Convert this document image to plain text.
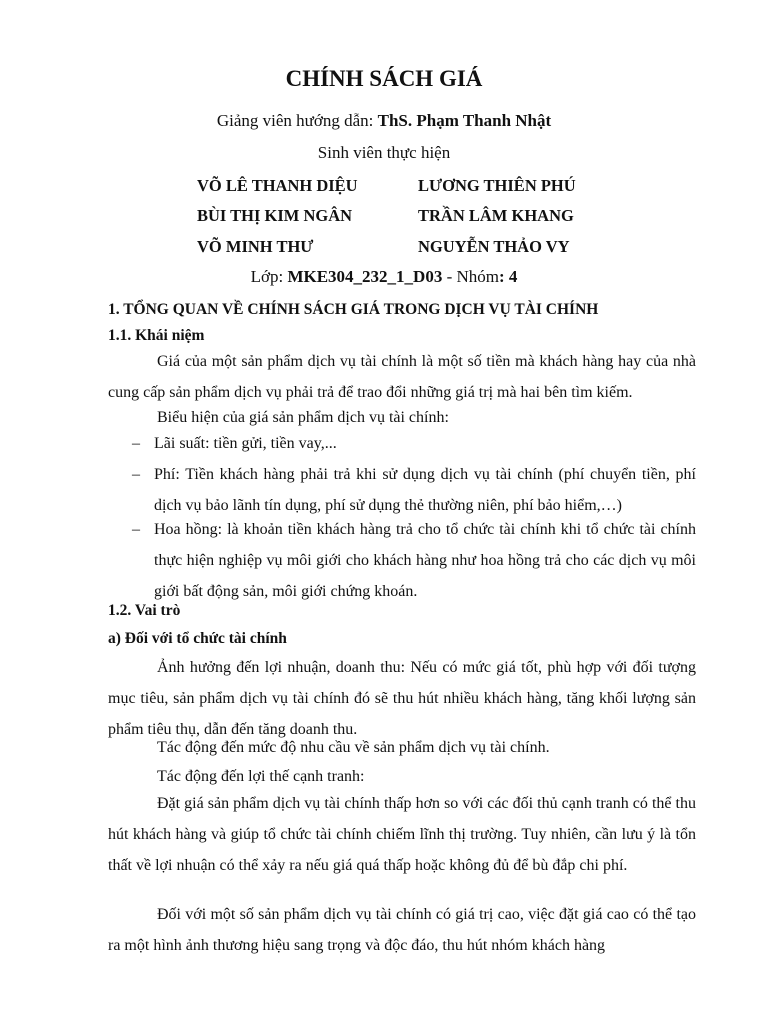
CHÍNH SÁCH GIÁ
Giảng viên hướng dẫn: ThS. Phạm Thanh Nhật
Sinh viên thực hiện
VÕ LÊ THANH DIỆU	LƯƠNG THIÊN PHÚ
BÙI THỊ KIM NGÂN	TRẦN LÂM KHANG
VÕ MINH THƯ	NGUYỄN THẢO VY
Lớp: MKE304_232_1_D03 - Nhóm: 4
1. TỔNG QUAN VỀ CHÍNH SÁCH GIÁ TRONG DỊCH VỤ TÀI CHÍNH
1.1. Khái niệm
Giá của một sản phẩm dịch vụ tài chính là một số tiền mà khách hàng hay của nhà cung cấp sản phẩm dịch vụ phải trả để trao đổi những giá trị mà hai bên tìm kiếm.
Biểu hiện của giá sản phẩm dịch vụ tài chính:
– Lãi suất: tiền gửi, tiền vay,...
– Phí: Tiền khách hàng phải trả khi sử dụng dịch vụ tài chính (phí chuyển tiền, phí dịch vụ bảo lãnh tín dụng, phí sử dụng thẻ thường niên, phí bảo hiểm,…)
– Hoa hồng: là khoản tiền khách hàng trả cho tổ chức tài chính khi tổ chức tài chính thực hiện nghiệp vụ môi giới cho khách hàng như hoa hồng trả cho các dịch vụ môi giới bất động sản, môi giới chứng khoán.
1.2. Vai trò
a) Đối với tổ chức tài chính
Ảnh hưởng đến lợi nhuận, doanh thu: Nếu có mức giá tốt, phù hợp với đối tượng mục tiêu, sản phẩm dịch vụ tài chính đó sẽ thu hút nhiều khách hàng, tăng khối lượng sản phẩm tiêu thụ, dẫn đến tăng doanh thu.
Tác động đến mức độ nhu cầu về sản phẩm dịch vụ tài chính.
Tác động đến lợi thế cạnh tranh:
Đặt giá sản phẩm dịch vụ tài chính thấp hơn so với các đối thủ cạnh tranh có thể thu hút khách hàng và giúp tổ chức tài chính chiếm lĩnh thị trường. Tuy nhiên, cần lưu ý là tổn thất về lợi nhuận có thể xảy ra nếu giá quá thấp hoặc không đủ để bù đắp chi phí.
Đối với một số sản phẩm dịch vụ tài chính có giá trị cao, việc đặt giá cao có thể tạo ra một hình ảnh thương hiệu sang trọng và độc đáo, thu hút nhóm khách hàng
